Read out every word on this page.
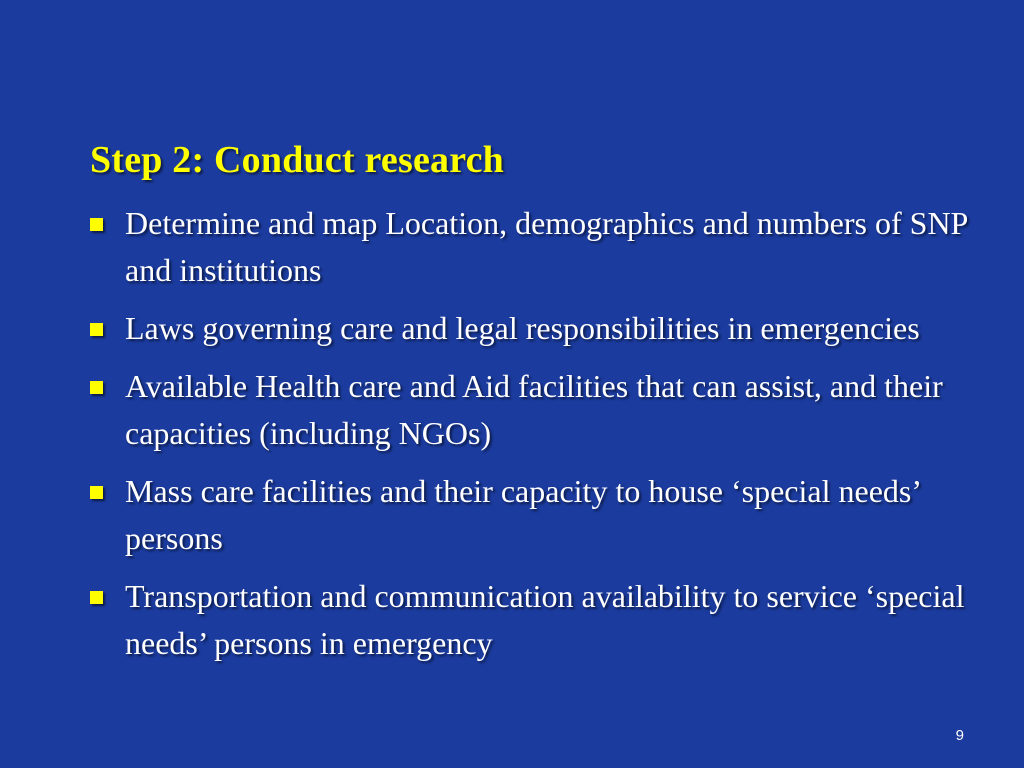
Step 2: Conduct research
Determine and map Location, demographics and numbers of SNP and institutions
Laws governing care and legal responsibilities in emergencies
Available Health care and Aid facilities that can assist, and their capacities (including NGOs)
Mass care facilities and their capacity to house ‘special needs’ persons
Transportation and communication availability to service ‘special needs’ persons in emergency
9
